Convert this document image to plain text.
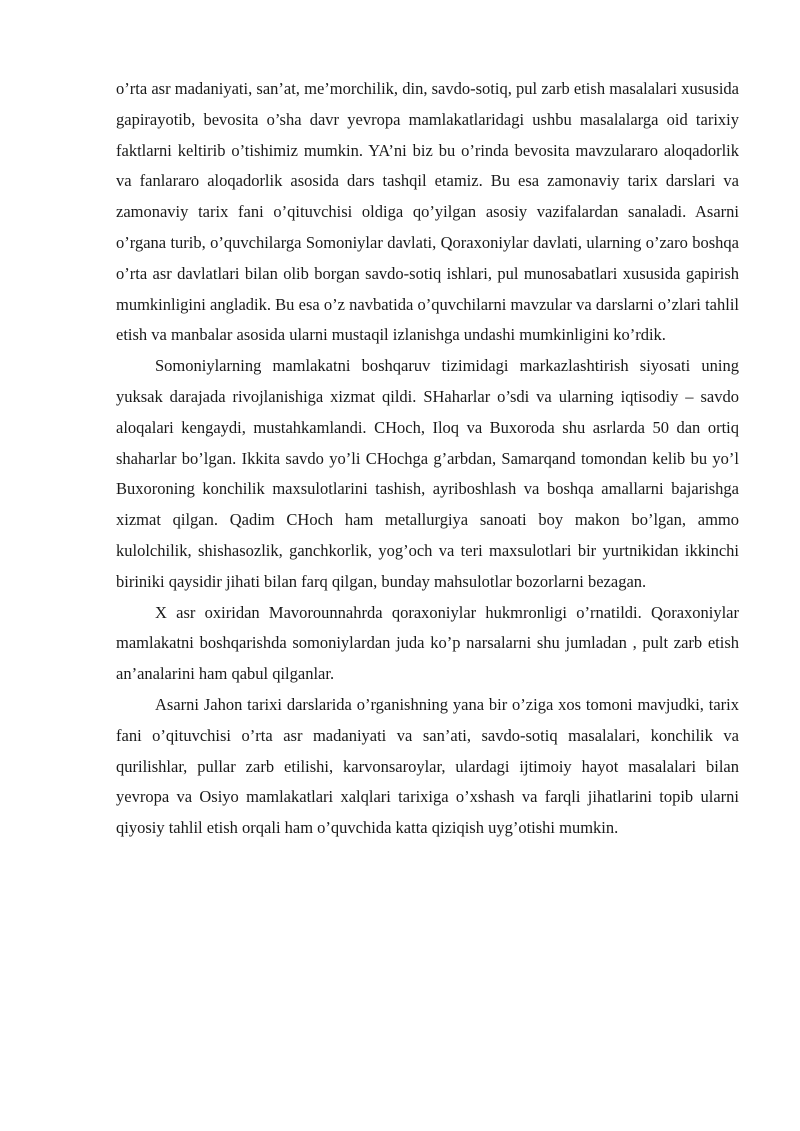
o’rta asr madaniyati, san’at, me’morchilik, din, savdo-sotiq, pul zarb etish masalalari xususida gapirayotib, bevosita o’sha davr yevropa mamlakatlaridagi ushbu masalalarga oid tarixiy faktlarni keltirib o’tishimiz mumkin. YA’ni biz bu o’rinda bevosita mavzulararo aloqadorlik va fanlararo aloqadorlik asosida dars tashqil etamiz. Bu esa zamonaviy tarix darslari va zamonaviy tarix fani o’qituvchisi oldiga qo’yilgan asosiy vazifalardan sanaladi. Asarni o’rgana turib, o’quvchilarga Somoniylar davlati, Qoraxoniylar davlati, ularning o’zaro boshqa o’rta asr davlatlari bilan olib borgan savdo-sotiq ishlari, pul munosabatlari xususida gapirish mumkinligini angladik. Bu esa o’z navbatida o’quvchilarni mavzular va darslarni o’zlari tahlil etish va manbalar asosida ularni mustaqil izlanishga undashi mumkinligini ko’rdik.

Somoniylarning mamlakatni boshqaruv tizimidagi markazlashtirish siyosati uning yuksak darajada rivojlanishiga xizmat qildi. SHaharlar o’sdi va ularning iqtisodiy – savdo aloqalari kengaydi, mustahkamlandi. CHoch, Iloq va Buxoroda shu asrlarda 50 dan ortiq shaharlar bo’lgan. Ikkita savdo yo’li CHochga g’arbdan, Samarqand tomondan kelib bu yo’l Buxoroning konchilik maxsulotlarini tashish, ayriboshlash va boshqa amallarni bajarishga xizmat qilgan. Qadim CHoch ham metallurgiya sanoati boy makon bo’lgan, ammo kulolchilik, shishasozlik, ganchkorlik, yog’och va teri maxsulotlari bir yurtnikidan ikkinchi biriniki qaysidir jihati bilan farq qilgan, bunday mahsulotlar bozorlarni bezagan.

X asr oxiridan Mavorounnahrda qoraxoniylar hukmronligi o’rnatildi. Qoraxoniylar mamlakatni boshqarishda somoniylardan juda ko’p narsalarni shu jumladan , pult zarb etish an’analarini ham qabul qilganlar.

Asarni Jahon tarixi darslarida o’rganishning yana bir o’ziga xos tomoni mavjudki, tarix fani o’qituvchisi o’rta asr madaniyati va san’ati, savdo-sotiq masalalari, konchilik va qurilishlar, pullar zarb etilishi, karvonsaroylar, ulardagi ijtimoiy hayot masalalari bilan yevropa va Osiyo mamlakatlari xalqlari tarixiga o’xshash va farqli jihatlarini topib ularni qiyosiy tahlil etish orqali ham o’quvchida katta qiziqish uyg’otishi mumkin.
